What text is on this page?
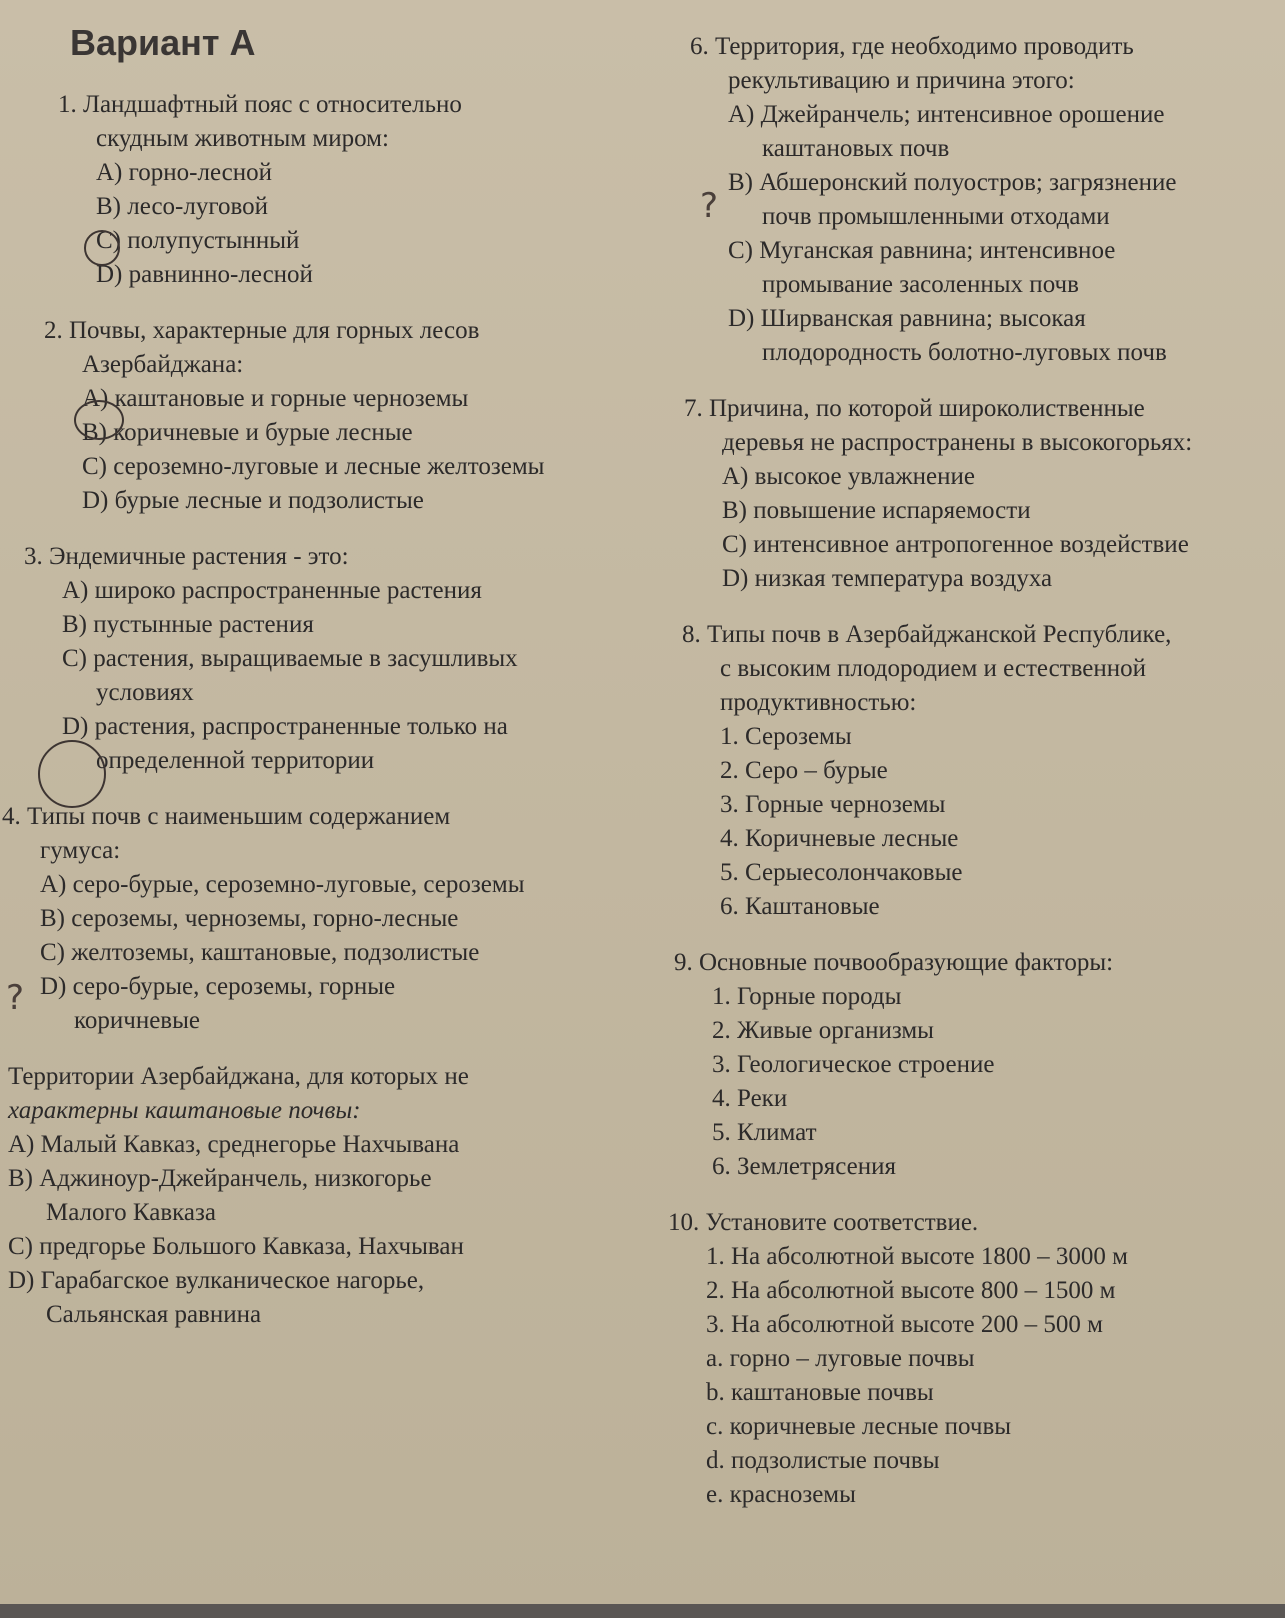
Вариант А
1. Ландшафтный пояс с относительно
скудным животным миром:
А) горно-лесной
В) лесо-луговой
С) полупустынный
D) равнинно-лесной
2. Почвы, характерные для горных лесов
Азербайджана:
А) каштановые и горные черноземы
В) коричневые и бурые лесные
С) сероземно-луговые и лесные желтоземы
D) бурые лесные и подзолистые
3. Эндемичные растения - это:
А) широко распространенные растения
В) пустынные растения
С) растения, выращиваемые в засушливых
условиях
D) растения, распространенные только на
определенной территории
4. Типы почв с наименьшим содержанием
гумуса:
А) серо-бурые, сероземно-луговые, сероземы
В) сероземы, черноземы, горно-лесные
С) желтоземы, каштановые, подзолистые
D) серо-бурые, сероземы, горные
коричневые
Территории Азербайджана, для которых не
характерны каштановые почвы:
А) Малый Кавказ, среднегорье Нахчывана
В) Аджиноур-Джейранчель, низкогорье
Малого Кавказа
С) предгорье Большого Кавказа, Нахчыван
D) Гарабагское вулканическое нагорье,
Сальянская равнина
6. Территория, где необходимо проводить
рекультивацию и причина этого:
А) Джейранчель; интенсивное орошение
каштановых почв
В) Абшеронский полуостров; загрязнение
почв промышленными отходами
С) Муганская равнина; интенсивное
промывание засоленных почв
D) Ширванская равнина; высокая
плодородность болотно-луговых почв
7. Причина, по которой широколиственные
деревья не распространены в высокогорьях:
А) высокое увлажнение
В) повышение испаряемости
С) интенсивное антропогенное воздействие
D) низкая температура воздуха
8. Типы почв в Азербайджанской Республике,
с высоким плодородием и естественной
продуктивностью:
1. Сероземы
2. Серо – бурые
3. Горные черноземы
4. Коричневые лесные
5. Серыесолончаковые
6. Каштановые
9. Основные почвообразующие факторы:
1. Горные породы
2. Живые организмы
3. Геологическое строение
4. Реки
5. Климат
6. Землетрясения
10. Установите соответствие.
1. На абсолютной высоте 1800 – 3000 м
2. На абсолютной высоте 800 – 1500 м
3. На абсолютной высоте 200 – 500 м
а. горно – луговые почвы
b. каштановые почвы
с. коричневые лесные почвы
d. подзолистые почвы
е. красноземы
?
?
